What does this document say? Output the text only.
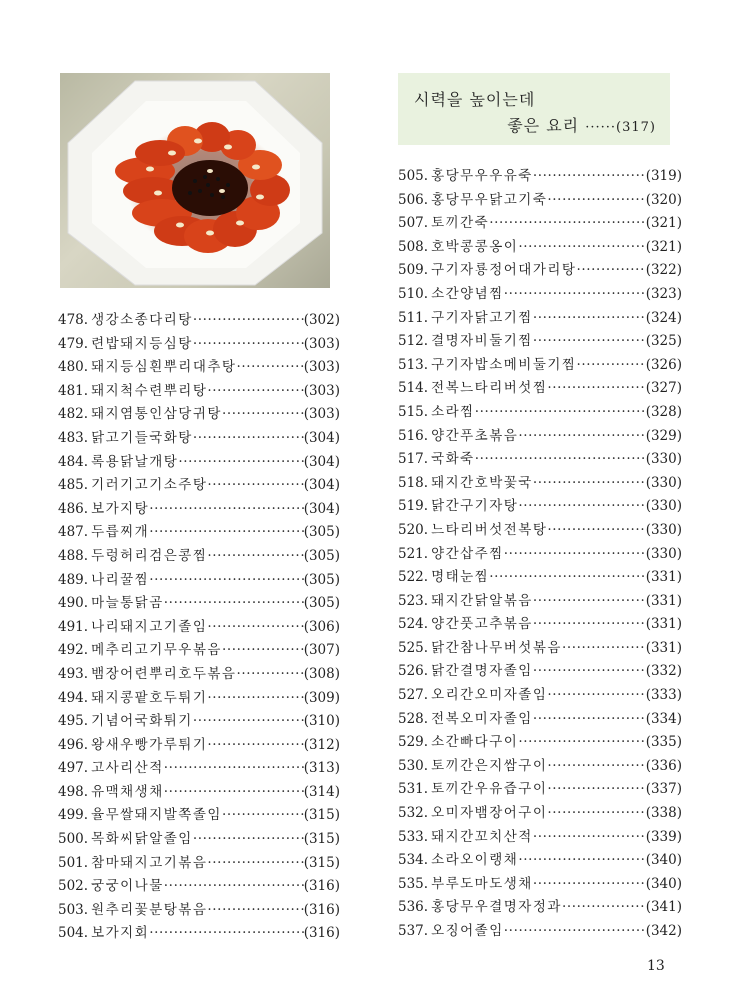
시력을 높이는데
좋은 요리 ······(317)
478. 생강소종다리탕 ·····	(302)
479. 련밥돼지등심탕 ·····	(303)
480. 돼지등심흰뿌리대추탕 ·····	(303)
481. 돼지척수련뿌리탕 ·····	(303)
482. 돼지염통인삼당귀탕 ·····	(303)
483. 닭고기들국화탕 ·····	(304)
484. 록용닭날개탕 ·····	(304)
485. 기러기고기소주탕 ·····	(304)
486. 보가지탕 ·····	(304)
487. 두릅찌개 ·····	(305)
488. 두렁허리검은콩찜 ·····	(305)
489. 나리꿀찜 ·····	(305)
490. 마늘통닭곰 ·····	(305)
491. 나리돼지고기졸임 ·····	(306)
492. 메추리고기무우볶음 ·····	(307)
493. 뱀장어련뿌리호두볶음 ·····	(308)
494. 돼지콩팥호두튀기 ·····	(309)
495. 기념어국화튀기 ·····	(310)
496. 왕새우빵가루튀기 ·····	(312)
497. 고사리산적 ·····	(313)
498. 유맥채생채 ·····	(314)
499. 율무쌀돼지발쪽졸임 ·····	(315)
500. 목화씨닭알졸임 ·····	(315)
501. 참마돼지고기볶음 ·····	(315)
502. 궁궁이나물 ·····	(316)
503. 원추리꽃분탕볶음 ·····	(316)
504. 보가지회 ·····	(316)
505. 홍당무우우유죽 ·····	(319)
506. 홍당무우닭고기죽 ·····	(320)
507. 토끼간죽 ·····	(321)
508. 호박콩콩옹이 ·····	(321)
509. 구기자룡정어대가리탕 ·····	(322)
510. 소간양념찜 ·····	(323)
511. 구기자닭고기찜 ·····	(324)
512. 결명자비둘기찜 ·····	(325)
513. 구기자밥소메비둘기찜 ·····	(326)
514. 전복느타리버섯찜 ·····	(327)
515. 소라찜 ·····	(328)
516. 양간푸초볶음 ·····	(329)
517. 국화죽 ·····	(330)
518. 돼지간호박꽃국 ·····	(330)
519. 닭간구기자탕 ·····	(330)
520. 느타리버섯전복탕 ·····	(330)
521. 양간삽주찜 ·····	(330)
522. 명태눈찜 ·····	(331)
523. 돼지간닭알볶음 ·····	(331)
524. 양간풋고추볶음 ·····	(331)
525. 닭간참나무버섯볶음 ·····	(331)
526. 닭간결명자졸임 ·····	(332)
527. 오리간오미자졸임 ·····	(333)
528. 전복오미자졸임 ·····	(334)
529. 소간빠다구이 ·····	(335)
530. 토끼간은지쌈구이 ·····	(336)
531. 토끼간우유즙구이 ·····	(337)
532. 오미자뱀장어구이 ·····	(338)
533. 돼지간꼬치산적 ·····	(339)
534. 소라오이랭채 ·····	(340)
535. 부루도마도생채 ·····	(340)
536. 홍당무우결명자정과 ·····	(341)
537. 오징어졸임 ·····	(342)
13
